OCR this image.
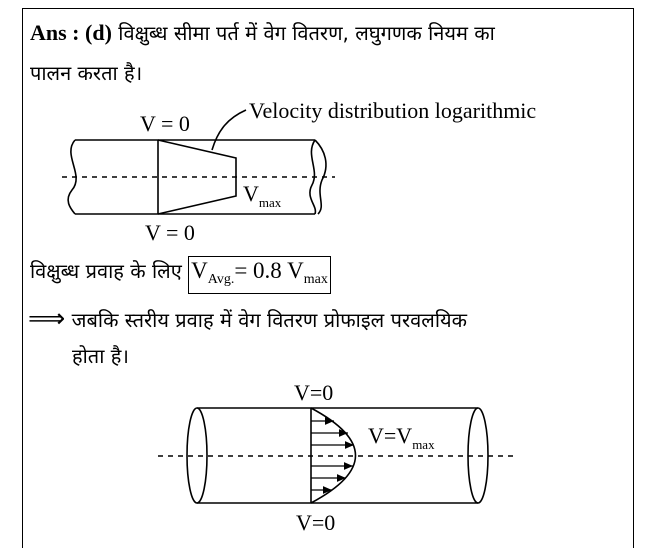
Ans : (d) विक्षुब्ध सीमा पर्त में वेग वितरण, लघुगणक नियम का
पालन करता है।
Velocity distribution logarithmic
V = 0
V = 0
$V_{max}$
विक्षुब्ध प्रवाह के लिए $V_{Avg.}= 0.8$ $V_{max}$
⟹ जबकि स्तरीय प्रवाह में वेग वितरण प्रोफाइल परवलयिक
होता है।
V=0
V=0
$V=V_{max}$
